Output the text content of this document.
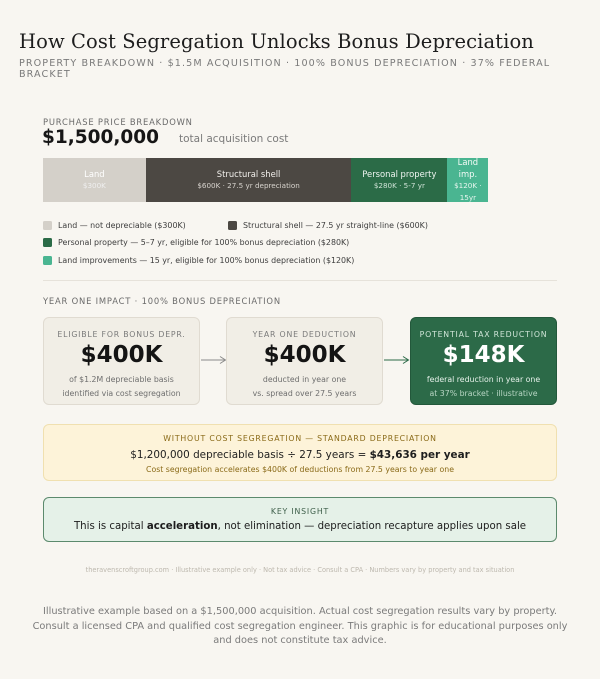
How Cost Segregation Unlocks Bonus Depreciation
PROPERTY BREAKDOWN · $1.5M ACQUISITION · 100% BONUS DEPRECIATION · 37% FEDERAL BRACKET
PURCHASE PRICE BREAKDOWN
$1,500,000 total acquisition cost
Land
$300K
Structural shell
$600K · 27.5 yr depreciation
Personal property
$280K · 5-7 yr
Land imp.
$120K · 15yr
Land — not depreciable ($300K)	Structural shell — 27.5 yr straight-line ($600K)
Personal property — 5–7 yr, eligible for 100% bonus depreciation ($280K)
Land improvements — 15 yr, eligible for 100% bonus depreciation ($120K)
YEAR ONE IMPACT · 100% BONUS DEPRECIATION
ELIGIBLE FOR BONUS DEPR.
$400K
of $1.2M depreciable basis
identified via cost segregation
YEAR ONE DEDUCTION
$400K
deducted in year one
vs. spread over 27.5 years
POTENTIAL TAX REDUCTION
$148K
federal reduction in year one
at 37% bracket · illustrative
WITHOUT COST SEGREGATION — STANDARD DEPRECIATION
$1,200,000 depreciable basis ÷ 27.5 years = $43,636 per year
Cost segregation accelerates $400K of deductions from 27.5 years to year one
KEY INSIGHT
This is capital acceleration, not elimination — depreciation recapture applies upon sale
theravenscroftgroup.com · Illustrative example only · Not tax advice · Consult a CPA · Numbers vary by property and tax situation
Illustrative example based on a $1,500,000 acquisition. Actual cost segregation results vary by property. Consult a licensed CPA and qualified cost segregation engineer. This graphic is for educational purposes only and does not constitute tax advice.
